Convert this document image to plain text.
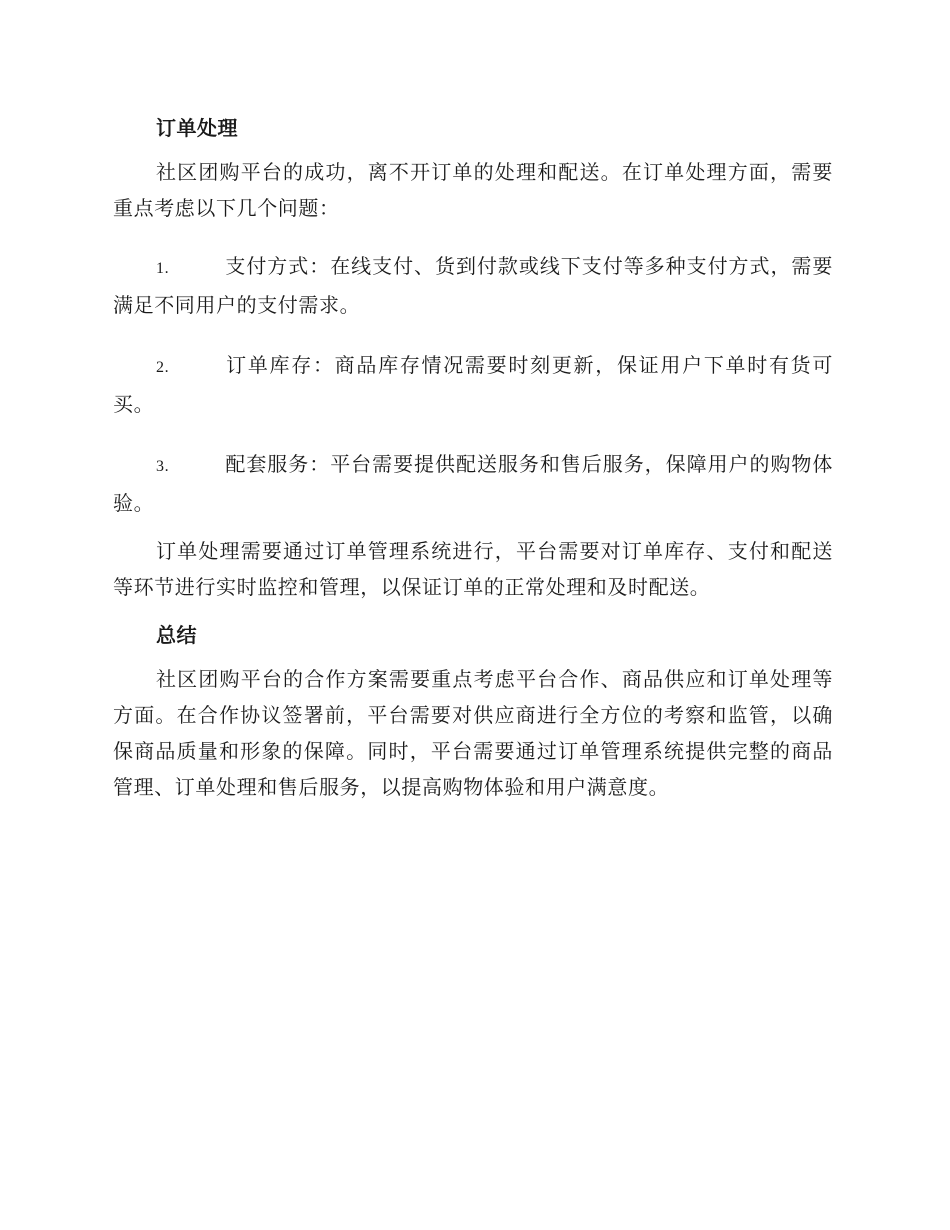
订单处理

社区团购平台的成功，离不开订单的处理和配送。在订单处理方面，需要重点考虑以下几个问题：

1.	支付方式：在线支付、货到付款或线下支付等多种支付方式，需要满足不同用户的支付需求。

2.	订单库存：商品库存情况需要时刻更新，保证用户下单时有货可买。

3.	配套服务：平台需要提供配送服务和售后服务，保障用户的购物体验。

订单处理需要通过订单管理系统进行，平台需要对订单库存、支付和配送等环节进行实时监控和管理，以保证订单的正常处理和及时配送。

总结

社区团购平台的合作方案需要重点考虑平台合作、商品供应和订单处理等方面。在合作协议签署前，平台需要对供应商进行全方位的考察和监管，以确保商品质量和形象的保障。同时，平台需要通过订单管理系统提供完整的商品管理、订单处理和售后服务，以提高购物体验和用户满意度。
